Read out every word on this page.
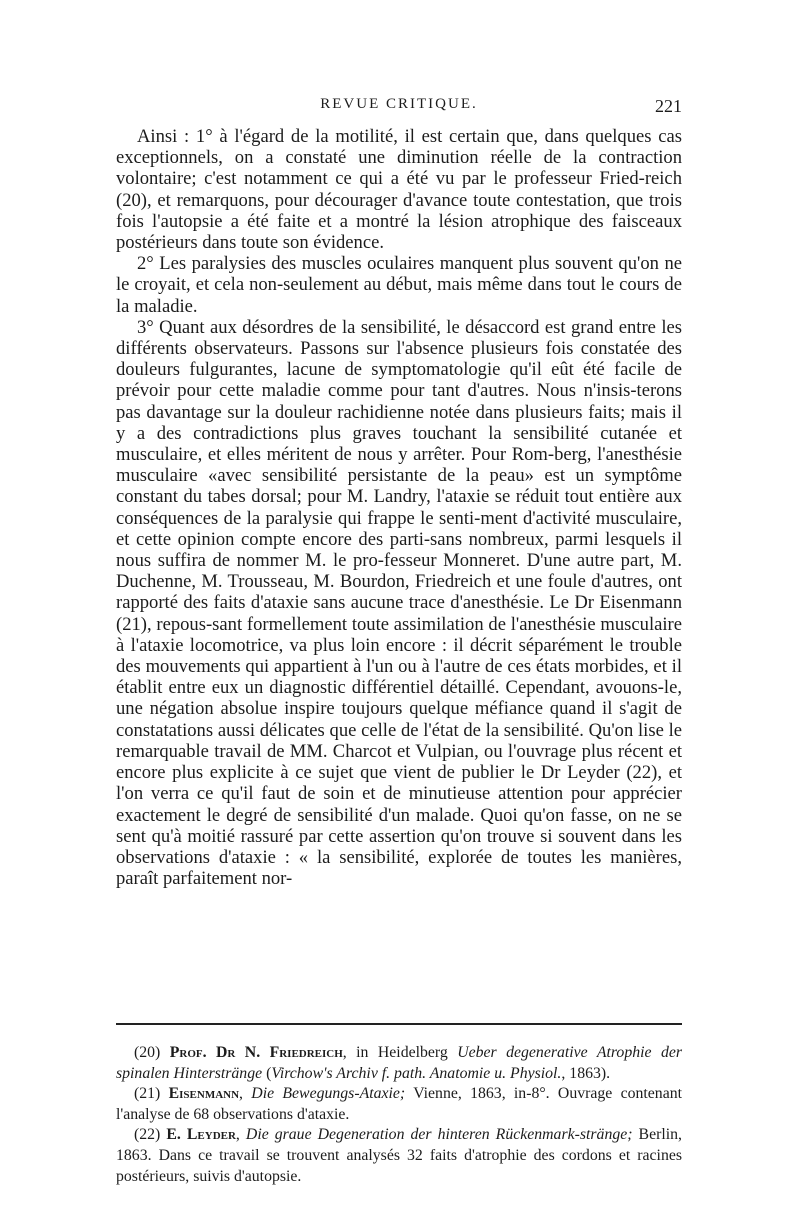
REVUE CRITIQUE.	221

Ainsi : 1° à l'égard de la motilité, il est certain que, dans quelques cas exceptionnels, on a constaté une diminution réelle de la contraction volontaire; c'est notamment ce qui a été vu par le professeur Fried-reich (20), et remarquons, pour décourager d'avance toute contestation, que trois fois l'autopsie a été faite et a montré la lésion atrophique des faisceaux postérieurs dans toute son évidence.

2° Les paralysies des muscles oculaires manquent plus souvent qu'on ne le croyait, et cela non-seulement au début, mais même dans tout le cours de la maladie.

3° Quant aux désordres de la sensibilité, le désaccord est grand entre les différents observateurs. Passons sur l'absence plusieurs fois constatée des douleurs fulgurantes, lacune de symptomatologie qu'il eût été facile de prévoir pour cette maladie comme pour tant d'autres. Nous n'insis-terons pas davantage sur la douleur rachidienne notée dans plusieurs faits; mais il y a des contradictions plus graves touchant la sensibilité cutanée et musculaire, et elles méritent de nous y arrêter. Pour Rom-berg, l'anesthésie musculaire «avec sensibilité persistante de la peau» est un symptôme constant du tabes dorsal; pour M. Landry, l'ataxie se réduit tout entière aux conséquences de la paralysie qui frappe le senti-ment d'activité musculaire, et cette opinion compte encore des parti-sans nombreux, parmi lesquels il nous suffira de nommer M. le pro-fesseur Monneret. D'une autre part, M. Duchenne, M. Trousseau, M. Bourdon, Friedreich et une foule d'autres, ont rapporté des faits d'ataxie sans aucune trace d'anesthésie. Le Dr Eisenmann (21), repous-sant formellement toute assimilation de l'anesthésie musculaire à l'ataxie locomotrice, va plus loin encore : il décrit séparément le trouble des mouvements qui appartient à l'un ou à l'autre de ces états morbides, et il établit entre eux un diagnostic différentiel détaillé. Cependant, avouons-le, une négation absolue inspire toujours quelque méfiance quand il s'agit de constatations aussi délicates que celle de l'état de la sensibilité. Qu'on lise le remarquable travail de MM. Charcot et Vulpian, ou l'ouvrage plus récent et encore plus explicite à ce sujet que vient de publier le Dr Leyder (22), et l'on verra ce qu'il faut de soin et de minutieuse attention pour apprécier exactement le degré de sensibilité d'un malade. Quoi qu'on fasse, on ne se sent qu'à moitié rassuré par cette assertion qu'on trouve si souvent dans les observations d'ataxie : « la sensibilité, explorée de toutes les manières, paraît parfaitement nor-

(20) Prof. Dr N. Friedreich, in Heidelberg Ueber degenerative Atrophie der spinalen Hinterstränge (Virchow's Archiv f. path. Anatomie u. Physiol., 1863).

(21) Eisenmann, Die Bewegungs-Ataxie; Vienne, 1863, in-8°. Ouvrage contenant l'analyse de 68 observations d'ataxie.

(22) E. Leyder, Die graue Degeneration der hinteren Rückenmark-stränge; Berlin, 1863. Dans ce travail se trouvent analysés 32 faits d'atrophie des cordons et racines postérieurs, suivis d'autopsie.
